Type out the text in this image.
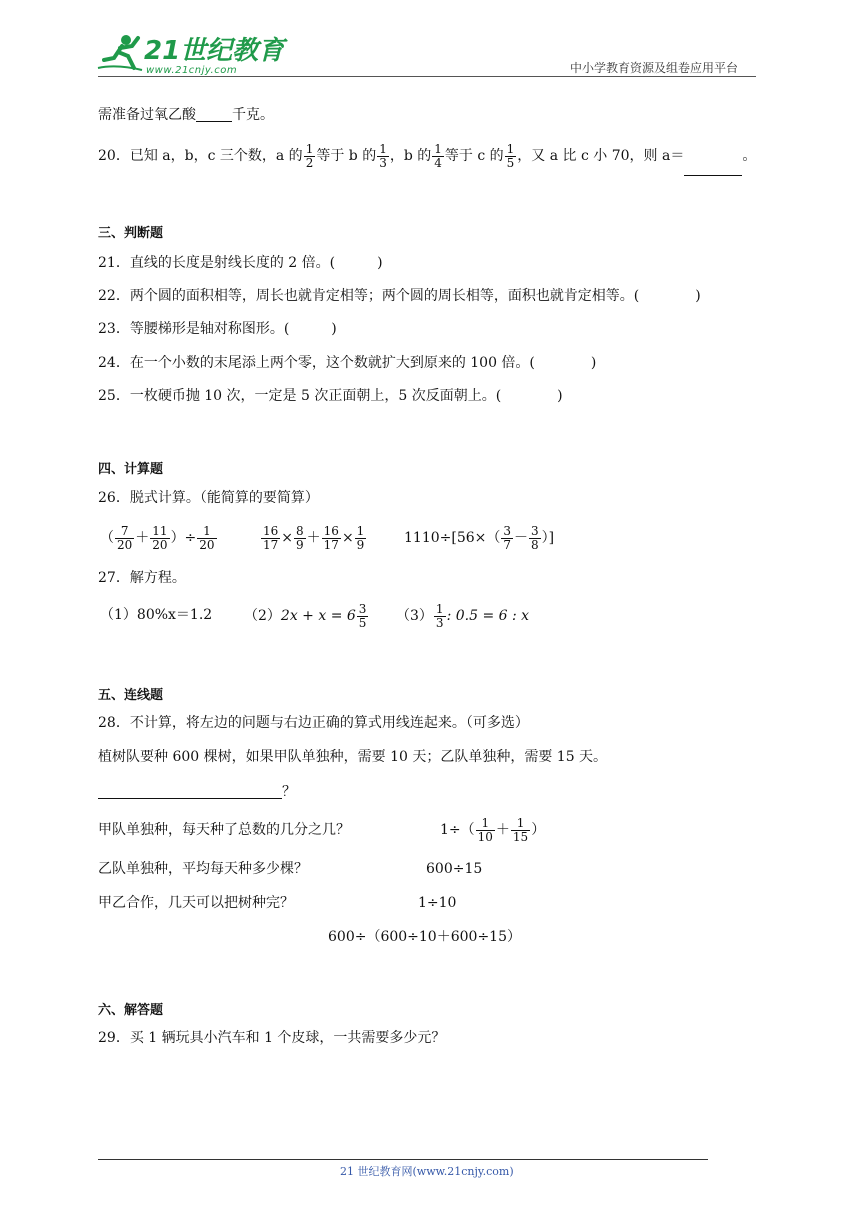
21世纪教育
www.21cnjy.com	中小学教育资源及组卷应用平台
需准备过氧乙酸	千克。
20．已知 a，b，c 三个数，a 的 $\frac{1}{2}$ 等于 b 的 $\frac{1}{3}$ ，b 的 $\frac{1}{4}$ 等于 c 的 $\frac{1}{5}$ ，又 a 比 c 小 70，则 a＝	。
三、判断题
21．直线的长度是射线长度的 2 倍。(　　　)
22．两个圆的面积相等，周长也就肯定相等；两个圆的周长相等，面积也就肯定相等。(　　　　)
23．等腰梯形是轴对称图形。(　　　)
24．在一个小数的末尾添上两个零，这个数就扩大到原来的 100 倍。(　　　　)
25．一枚硬币抛 10 次，一定是 5 次正面朝上，5 次反面朝上。(　　　　)
四、计算题
26．脱式计算。（能简算的要简算）
（ $\frac{7}{20} + \frac{11}{20}$ ）÷ $\frac{1}{20}$	$\frac{16}{17} \times \frac{8}{9} + \frac{16}{17} \times \frac{1}{9}$	$1110\div[56\times( \frac{3}{7} - \frac{3}{8}$ ）]
27．解方程。
（1）80%x＝1.2 $(2)2x + x = 6 \frac{3}{5} (3) \frac{1}{3}$ : 0.5 = 6 : x
五、连线题
28．不计算，将左边的问题与右边正确的算式用线连起来。（可多选）
植树队要种 600 棵树，如果甲队单独种，需要 10 天；乙队单独种，需要 15 天。
？
甲队单独种，每天种了总数的几分之几？	$1\div( \frac{1}{10} + \frac{1}{15}$ ）
乙队单独种，平均每天种多少棵？	600÷15
甲乙合作，几天可以把树种完？	1÷10
600÷（600÷10＋600÷15）
六、解答题
29．买 1 辆玩具小汽车和 1 个皮球，一共需要多少元？
21 世纪教育网(www.21cnjy.com)
